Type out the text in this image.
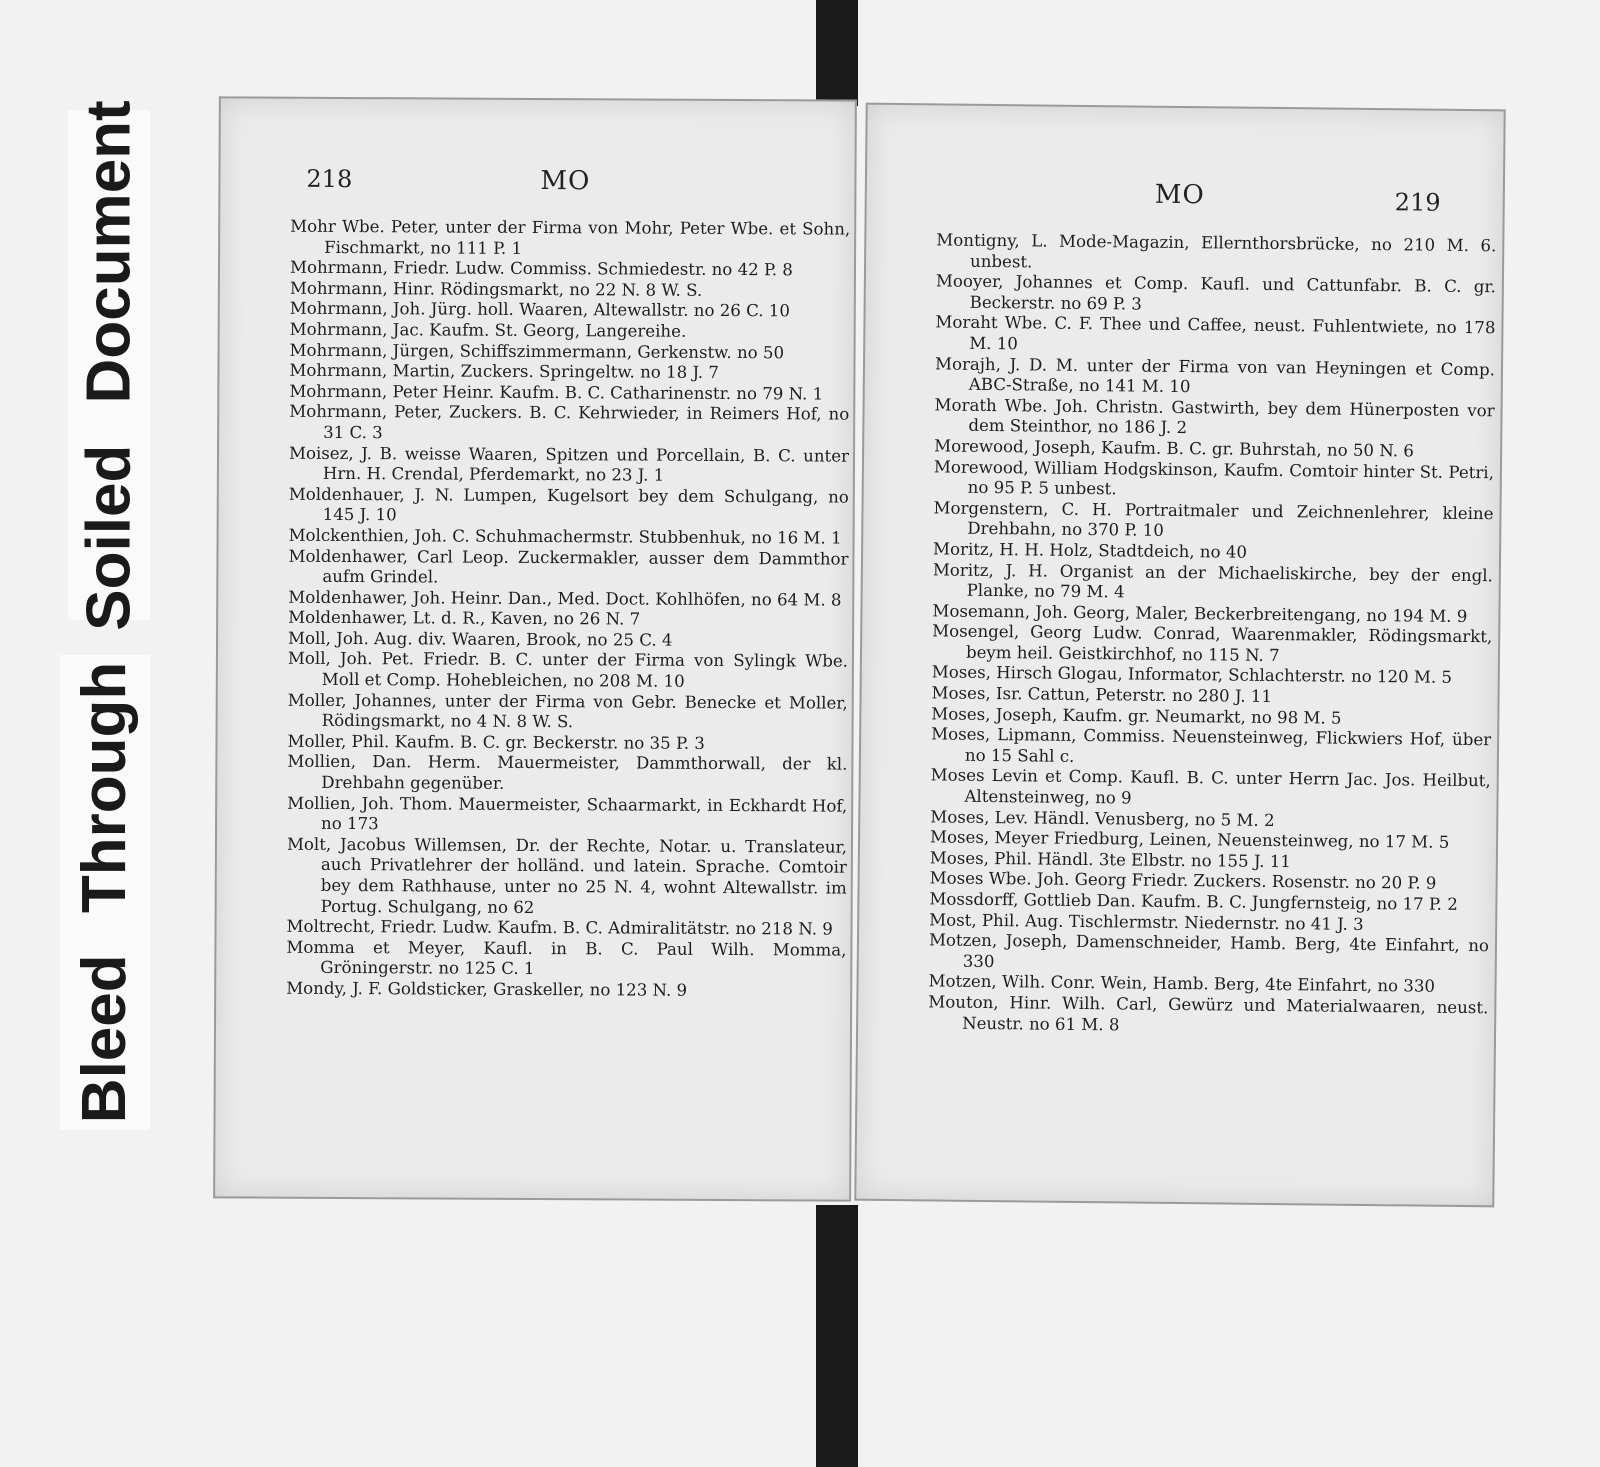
Soiled Document
Bleed Through
218	MO

Mohr Wbe. Peter, unter der Firma von Mohr, Peter Wbe. et Sohn, Fischmarkt, no 111 P. 1

Mohrmann, Friedr. Ludw. Commiss. Schmiedestr. no 42 P. 8

Mohrmann, Hinr. Rödingsmarkt, no 22 N. 8 W. S.

Mohrmann, Joh. Jürg. holl. Waaren, Altewallstr. no 26 C. 10

Mohrmann, Jac. Kaufm. St. Georg, Langereihe.

Mohrmann, Jürgen, Schiffszimmermann, Gerkenstw. no 50

Mohrmann, Martin, Zuckers. Springeltw. no 18 J. 7

Mohrmann, Peter Heinr. Kaufm. B. C. Catharinenstr. no 79 N. 1

Mohrmann, Peter, Zuckers. B. C. Kehrwieder, in Reimers Hof, no 31 C. 3

Moisez, J. B. weisse Waaren, Spitzen und Porcellain, B. C. unter Hrn. H. Crendal, Pferdemarkt, no 23 J. 1

Moldenhauer, J. N. Lumpen, Kugelsort bey dem Schulgang, no 145 J. 10

Molckenthien, Joh. C. Schuhmachermstr. Stubbenhuk, no 16 M. 1

Moldenhawer, Carl Leop. Zuckermakler, ausser dem Dammthor aufm Grindel.

Moldenhawer, Joh. Heinr. Dan., Med. Doct. Kohlhöfen, no 64 M. 8

Moldenhawer, Lt. d. R., Kaven, no 26 N. 7

Moll, Joh. Aug. div. Waaren, Brook, no 25 C. 4

Moll, Joh. Pet. Friedr. B. C. unter der Firma von Sylingk Wbe. Moll et Comp. Hohebleichen, no 208 M. 10

Moller, Johannes, unter der Firma von Gebr. Benecke et Moller, Rödingsmarkt, no 4 N. 8 W. S.

Moller, Phil. Kaufm. B. C. gr. Beckerstr. no 35 P. 3

Mollien, Dan. Herm. Mauermeister, Dammthorwall, der kl. Drehbahn gegenüber.

Mollien, Joh. Thom. Mauermeister, Schaarmarkt, in Eckhardt Hof, no 173

Molt, Jacobus Willemsen, Dr. der Rechte, Notar. u. Translateur, auch Privatlehrer der holländ. und latein. Sprache. Comtoir bey dem Rathhause, unter no 25 N. 4, wohnt Altewallstr. im Portug. Schulgang, no 62

Moltrecht, Friedr. Ludw. Kaufm. B. C. Admiralitätstr. no 218 N. 9

Momma et Meyer, Kaufl. in B. C. Paul Wilh. Momma, Gröningerstr. no 125 C. 1

Mondy, J. F. Goldsticker, Graskeller, no 123 N. 9

MO	219

Montigny, L. Mode-Magazin, Ellernthorsbrücke, no 210 M. 6. unbest.

Mooyer, Johannes et Comp. Kaufl. und Cattunfabr. B. C. gr. Beckerstr. no 69 P. 3

Moraht Wbe. C. F. Thee und Caffee, neust. Fuhlentwiete, no 178 M. 10

Morajh, J. D. M. unter der Firma von van Heyningen et Comp. ABC-Straße, no 141 M. 10

Morath Wbe. Joh. Christn. Gastwirth, bey dem Hünerposten vor dem Steinthor, no 186 J. 2

Morewood, Joseph, Kaufm. B. C. gr. Buhrstah, no 50 N. 6

Morewood, William Hodgskinson, Kaufm. Comtoir hinter St. Petri, no 95 P. 5 unbest.

Morgenstern, C. H. Portraitmaler und Zeichnenlehrer, kleine Drehbahn, no 370 P. 10

Moritz, H. H. Holz, Stadtdeich, no 40

Moritz, J. H. Organist an der Michaeliskirche, bey der engl. Planke, no 79 M. 4

Mosemann, Joh. Georg, Maler, Beckerbreitengang, no 194 M. 9

Mosengel, Georg Ludw. Conrad, Waarenmakler, Rödingsmarkt, beym heil. Geistkirchhof, no 115 N. 7

Moses, Hirsch Glogau, Informator, Schlachterstr. no 120 M. 5

Moses, Isr. Cattun, Peterstr. no 280 J. 11

Moses, Joseph, Kaufm. gr. Neumarkt, no 98 M. 5

Moses, Lipmann, Commiss. Neuensteinweg, Flickwiers Hof, über no 15 Sahl c.

Moses Levin et Comp. Kaufl. B. C. unter Herrn Jac. Jos. Heilbut, Altensteinweg, no 9

Moses, Lev. Händl. Venusberg, no 5 M. 2

Moses, Meyer Friedburg, Leinen, Neuensteinweg, no 17 M. 5

Moses, Phil. Händl. 3te Elbstr. no 155 J. 11

Moses Wbe. Joh. Georg Friedr. Zuckers. Rosenstr. no 20 P. 9

Mossdorff, Gottlieb Dan. Kaufm. B. C. Jungfernsteig, no 17 P. 2

Most, Phil. Aug. Tischlermstr. Niedernstr. no 41 J. 3

Motzen, Joseph, Damenschneider, Hamb. Berg, 4te Einfahrt, no 330

Motzen, Wilh. Conr. Wein, Hamb. Berg, 4te Einfahrt, no 330

Mouton, Hinr. Wilh. Carl, Gewürz und Materialwaaren, neust. Neustr. no 61 M. 8
